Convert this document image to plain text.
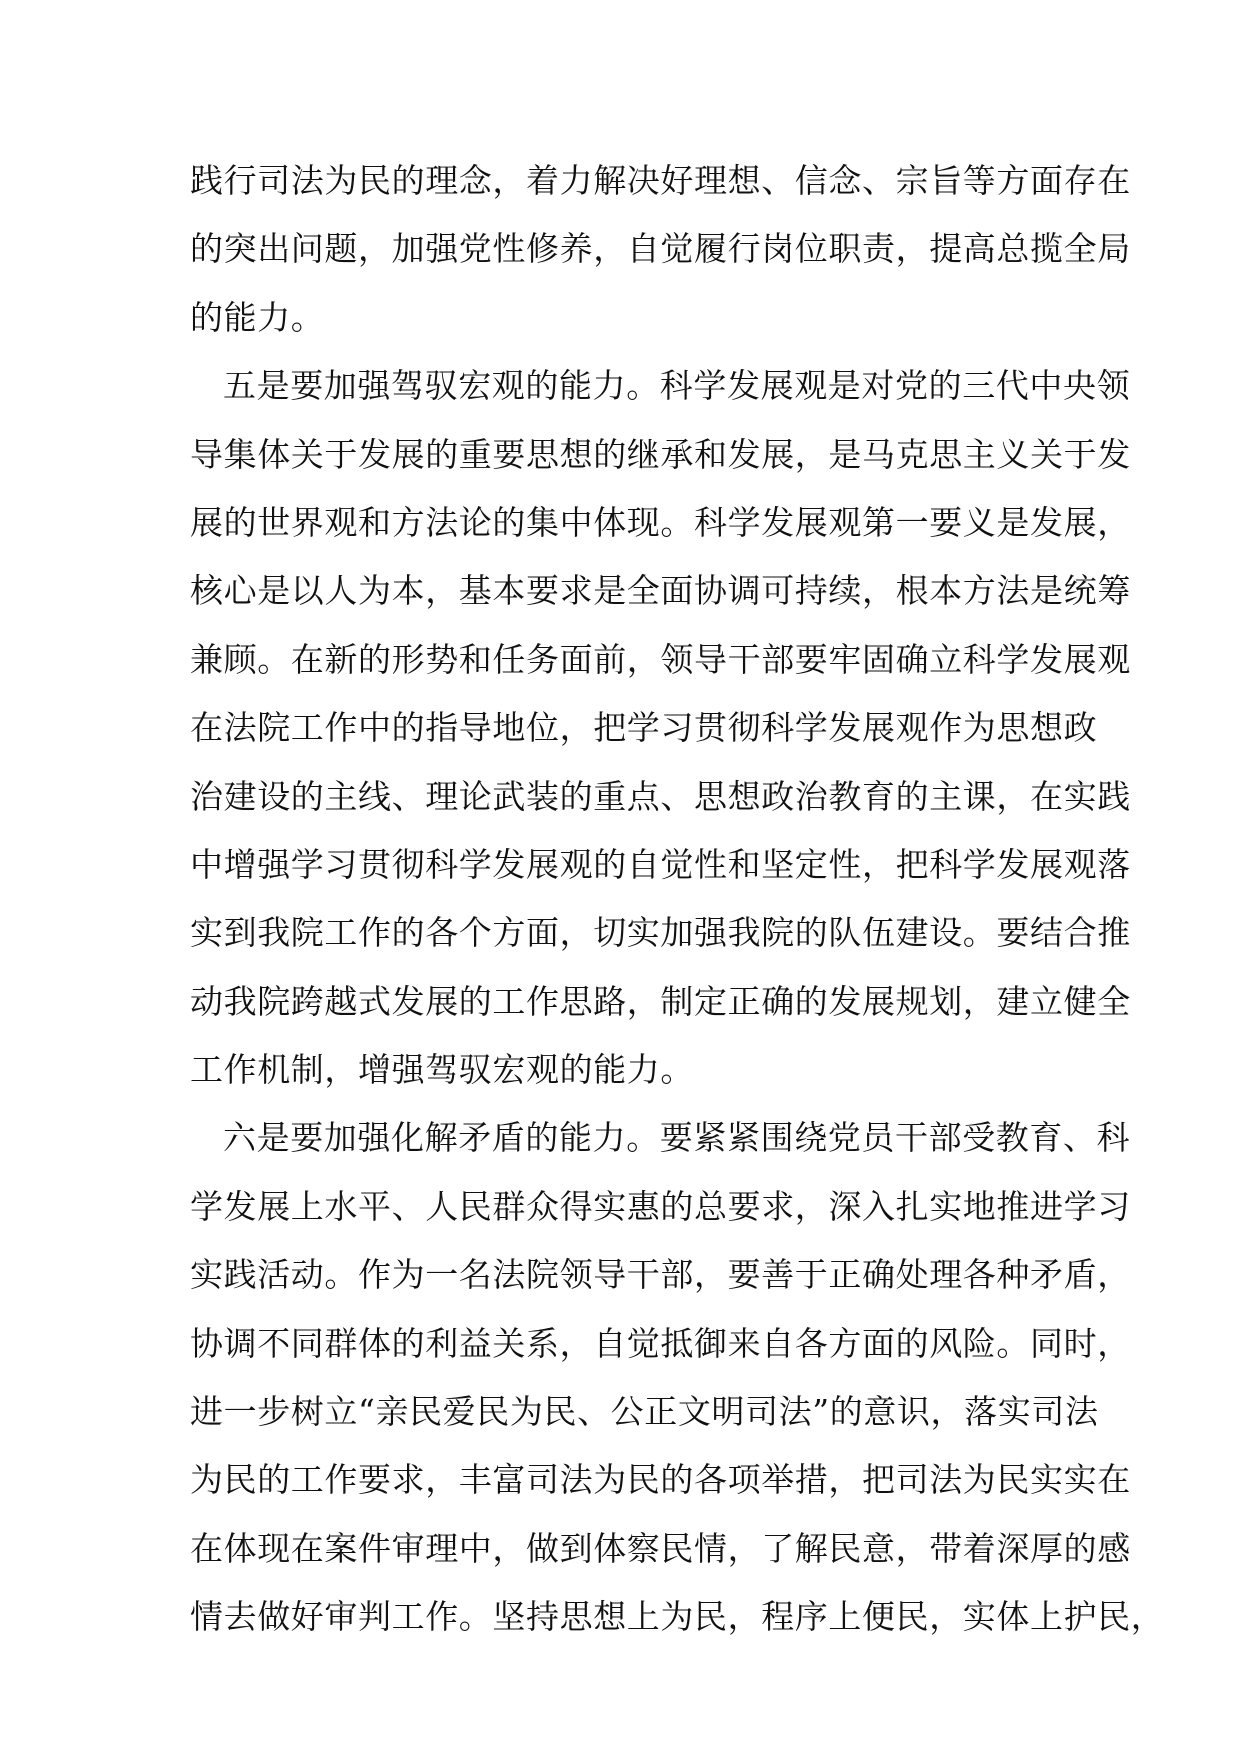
践行司法为民的理念，着力解决好理想、信念、宗旨等方面存在
的突出问题，加强党性修养，自觉履行岗位职责，提高总揽全局
的能力。
五是要加强驾驭宏观的能力。科学发展观是对党的三代中央领
导集体关于发展的重要思想的继承和发展，是马克思主义关于发
展的世界观和方法论的集中体现。科学发展观第一要义是发展，
核心是以人为本，基本要求是全面协调可持续，根本方法是统筹
兼顾。在新的形势和任务面前，领导干部要牢固确立科学发展观
在法院工作中的指导地位，把学习贯彻科学发展观作为思想政
治建设的主线、理论武装的重点、思想政治教育的主课，在实践
中增强学习贯彻科学发展观的自觉性和坚定性，把科学发展观落
实到我院工作的各个方面，切实加强我院的队伍建设。要结合推
动我院跨越式发展的工作思路，制定正确的发展规划，建立健全
工作机制，增强驾驭宏观的能力。
六是要加强化解矛盾的能力。要紧紧围绕党员干部受教育、科
学发展上水平、人民群众得实惠的总要求，深入扎实地推进学习
实践活动。作为一名法院领导干部，要善于正确处理各种矛盾，
协调不同群体的利益关系，自觉抵御来自各方面的风险。同时，
进一步树立“亲民爱民为民、公正文明司法”的意识，落实司法
为民的工作要求，丰富司法为民的各项举措，把司法为民实实在
在体现在案件审理中，做到体察民情，了解民意，带着深厚的感
情去做好审判工作。坚持思想上为民，程序上便民，实体上护民，
